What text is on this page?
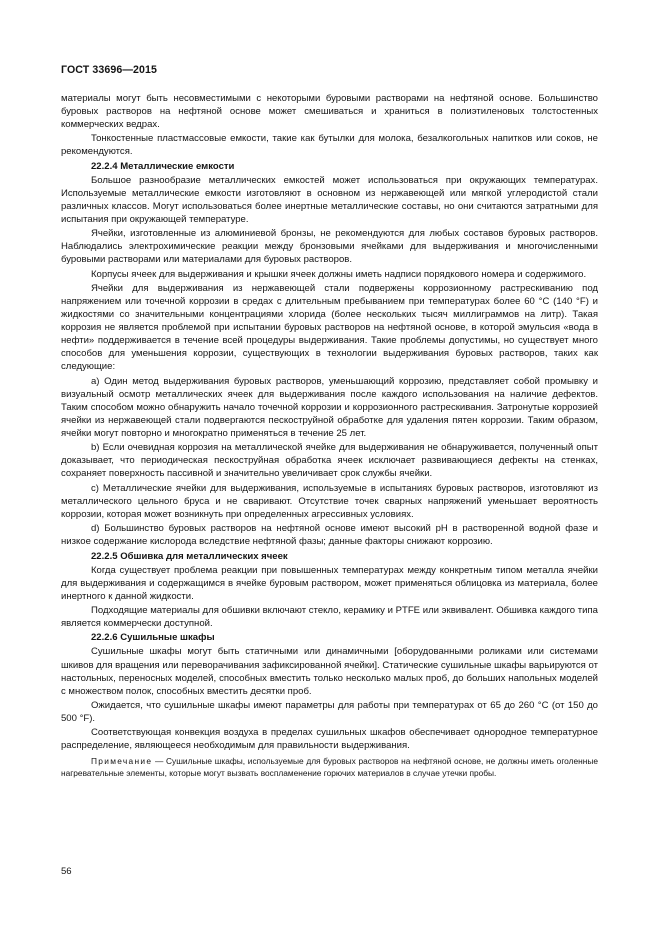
ГОСТ 33696—2015

материалы могут быть несовместимыми с некоторыми буровыми растворами на нефтяной основе. Большинство буровых растворов на нефтяной основе может смешиваться и храниться в полиэтиленовых толстостенных коммерческих ведрах.

Тонкостенные пластмассовые емкости, такие как бутылки для молока, безалкогольных напитков или соков, не рекомендуются.

22.2.4 Металлические емкости

Большое разнообразие металлических емкостей может использоваться при окружающих температурах. Используемые металлические емкости изготовляют в основном из нержавеющей или мягкой углеродистой стали различных классов. Могут использоваться более инертные металлические составы, но они считаются затратными для испытания при окружающей температуре.

Ячейки, изготовленные из алюминиевой бронзы, не рекомендуются для любых составов буровых растворов. Наблюдались электрохимические реакции между бронзовыми ячейками для выдерживания и многочисленными буровыми растворами или материалами для буровых растворов.

Корпусы ячеек для выдерживания и крышки ячеек должны иметь надписи порядкового номера и содержимого.

Ячейки для выдерживания из нержавеющей стали подвержены коррозионному растрескиванию под напряжением или точечной коррозии в средах с длительным пребыванием при температурах более 60 °C (140 °F) и жидкостями со значительными концентрациями хлорида (более нескольких тысяч миллиграммов на литр). Такая коррозия не является проблемой при испытании буровых растворов на нефтяной основе, в которой эмульсия «вода в нефти» поддерживается в течение всей процедуры выдерживания. Такие проблемы допустимы, но существует много способов для уменьшения коррозии, существующих в технологии выдерживания буровых растворов, таких как следующие:

a) Один метод выдерживания буровых растворов, уменьшающий коррозию, представляет собой промывку и визуальный осмотр металлических ячеек для выдерживания после каждого использования на наличие дефектов. Таким способом можно обнаружить начало точечной коррозии и коррозионного растрескивания. Затронутые коррозией ячейки из нержавеющей стали подвергаются пескоструйной обработке для удаления пятен коррозии. Таким образом, ячейки могут повторно и многократно применяться в течение 25 лет.

b) Если очевидная коррозия на металлической ячейке для выдерживания не обнаруживается, полученный опыт доказывает, что периодическая пескоструйная обработка ячеек исключает развивающиеся дефекты на стенках, сохраняет поверхность пассивной и значительно увеличивает срок службы ячейки.

c) Металлические ячейки для выдерживания, используемые в испытаниях буровых растворов, изготовляют из металлического цельного бруса и не сваривают. Отсутствие точек сварных напряжений уменьшает вероятность коррозии, которая может возникнуть при определенных агрессивных условиях.

d) Большинство буровых растворов на нефтяной основе имеют высокий pH в растворенной водной фазе и низкое содержание кислорода вследствие нефтяной фазы; данные факторы снижают коррозию.

22.2.5 Обшивка для металлических ячеек

Когда существует проблема реакции при повышенных температурах между конкретным типом металла ячейки для выдерживания и содержащимся в ячейке буровым раствором, может применяться облицовка из материала, более инертного к данной жидкости.

Подходящие материалы для обшивки включают стекло, керамику и PTFE или эквивалент. Обшивка каждого типа является коммерчески доступной.

22.2.6 Сушильные шкафы

Сушильные шкафы могут быть статичными или динамичными [оборудованными роликами или системами шкивов для вращения или переворачивания зафиксированной ячейки]. Статические сушильные шкафы варьируются от настольных, переносных моделей, способных вместить только несколько малых проб, до больших напольных моделей с множеством полок, способных вместить десятки проб.

Ожидается, что сушильные шкафы имеют параметры для работы при температурах от 65 до 260 °C (от 150 до 500 °F).

Соответствующая конвекция воздуха в пределах сушильных шкафов обеспечивает однородное температурное распределение, являющееся необходимым для правильности выдерживания.

Примечание — Сушильные шкафы, используемые для буровых растворов на нефтяной основе, не должны иметь оголенные нагревательные элементы, которые могут вызвать воспламенение горючих материалов в случае утечки пробы.

56
